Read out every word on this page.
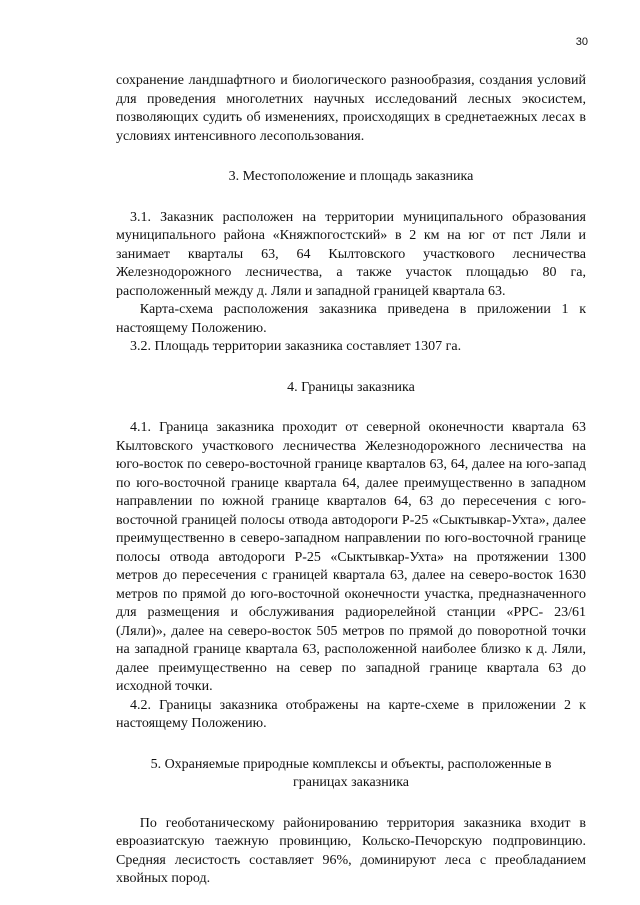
30

сохранение ландшафтного и биологического разнообразия, создания условий для проведения многолетних научных исследований лесных экосистем, позволяющих судить об изменениях, происходящих в среднетаежных лесах в условиях интенсивного лесопользования.

3. Местоположение и площадь заказника

3.1. Заказник расположен на территории муниципального образования муниципального района «Княжпогостский» в 2 км на юг от пст Ляли и занимает кварталы 63, 64 Кылтовского участкового лесничества Железнодорожного лесничества, а также участок площадью 80 га, расположенный между д. Ляли и западной границей квартала 63.

Карта-схема расположения заказника приведена в приложении 1 к настоящему Положению.

3.2. Площадь территории заказника составляет 1307 га.

4. Границы заказника

4.1. Граница заказника проходит от северной оконечности квартала 63 Кылтовского участкового лесничества Железнодорожного лесничества на юго-восток по северо-восточной границе кварталов 63, 64, далее на юго-запад по юго-восточной границе квартала 64, далее преимущественно в западном направлении по южной границе кварталов 64, 63 до пересечения с юго-восточной границей полосы отвода автодороги Р-25 «Сыктывкар-Ухта», далее преимущественно в северо-западном направлении по юго-восточной границе полосы отвода автодороги Р-25 «Сыктывкар-Ухта» на протяжении 1300 метров до пересечения с границей квартала 63, далее на северо-восток 1630 метров по прямой до юго-восточной оконечности участка, предназначенного для размещения и обслуживания радиорелейной станции «РРС- 23/61 (Ляли)», далее на северо-восток 505 метров по прямой до поворотной точки на западной границе квартала 63, расположенной наиболее близко к д. Ляли, далее преимущественно на север по западной границе квартала 63 до исходной точки.

4.2. Границы заказника отображены на карте-схеме в приложении 2 к настоящему Положению.

5. Охраняемые природные комплексы и объекты, расположенные в

границах заказника

По геоботаническому районированию территория заказника входит в евроазиатскую таежную провинцию, Кольско-Печорскую подпровинцию. Средняя лесистость составляет 96%, доминируют леса с преобладанием хвойных пород.
